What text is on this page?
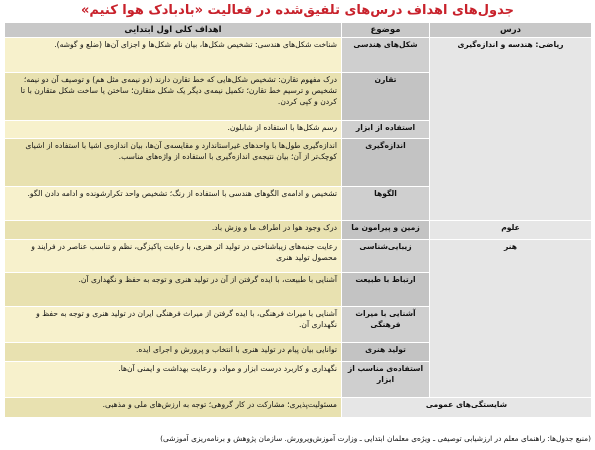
جدول‌های اهداف درس‌های تلفیق‌شده در فعالیت «بادبادک هوا کنیم»
درس	موضوع	اهداف کلی اول ابتدایی
ریاضی: هندسه و اندازه‌گیری	شکل‌های هندسی	شناخت شکل‌های هندسی: تشخیص شکل‌ها، بیان نام شکل‌ها و اجزای آن‌ها (ضلع و گوشه).
	تقارن	درک مفهوم تقارن: تشخیص شکل‌هایی که خط تقارن دارند (دو نیمه‌ی مثل هم) و توصیف آن دو نیمه؛ تشخیص و ترسیم خط تقارن؛ تکمیل نیمه‌ی دیگر یک شکل متقارن؛ ساختن یا ساخت شکل متقارن با تا کردن و کپی کردن.
	استفاده از ابزار	رسم شکل‌ها با استفاده از شابلون.
	اندازه‌گیری	اندازه‌گیری طول‌ها با واحدهای غیراستاندارد و مقایسه‌ی آن‌ها، بیان اندازه‌ی اشیا با استفاده از اشیای کوچک‌تر از آن؛ بیان نتیجه‌ی اندازه‌گیری با استفاده از واژه‌های مناسب.
	الگوها	تشخیص و ادامه‌ی الگوهای هندسی با استفاده از رنگ؛ تشخیص واحد تکرارشونده و ادامه دادن الگو.
علوم	زمین و پیرامون ما	درک وجود هوا در اطراف ما و وزش باد.
هنر	زیبایی‌شناسی	رعایت جنبه‌های زیباشناختی در تولید اثر هنری، با رعایت پاکیزگی، نظم و تناسب عناصر در فرایند و محصول تولید هنری
	ارتباط با طبیعت	آشنایی با طبیعت، با ایده گرفتن از آن در تولید هنری و توجه به حفظ و نگهداری آن.
	آشنایی با میراث فرهنگی	آشنایی با میراث فرهنگی، با ایده گرفتن از میراث فرهنگی ایران در تولید هنری و توجه به حفظ و نگهداری آن.
	تولید هنری	توانایی بیان پیام در تولید هنری با انتخاب و پرورش و اجرای ایده.
	استفاده‌ی مناسب از ابزار	نگهداری و کاربرد درست ابزار و مواد، و رعایت بهداشت و ایمنی آن‌ها.
شایستگی‌های عمومی		مسئولیت‌پذیری؛ مشارکت در کار گروهی؛ توجه به ارزش‌های ملی و مذهبی.
(منبع جدول‌ها: راهنمای معلم در ارزشیابی توصیفی ـ ویژه‌ی معلمان ابتدایی ـ وزارت آموزش‌وپرورش. سازمان پژوهش و برنامه‌ریزی آموزشی)
